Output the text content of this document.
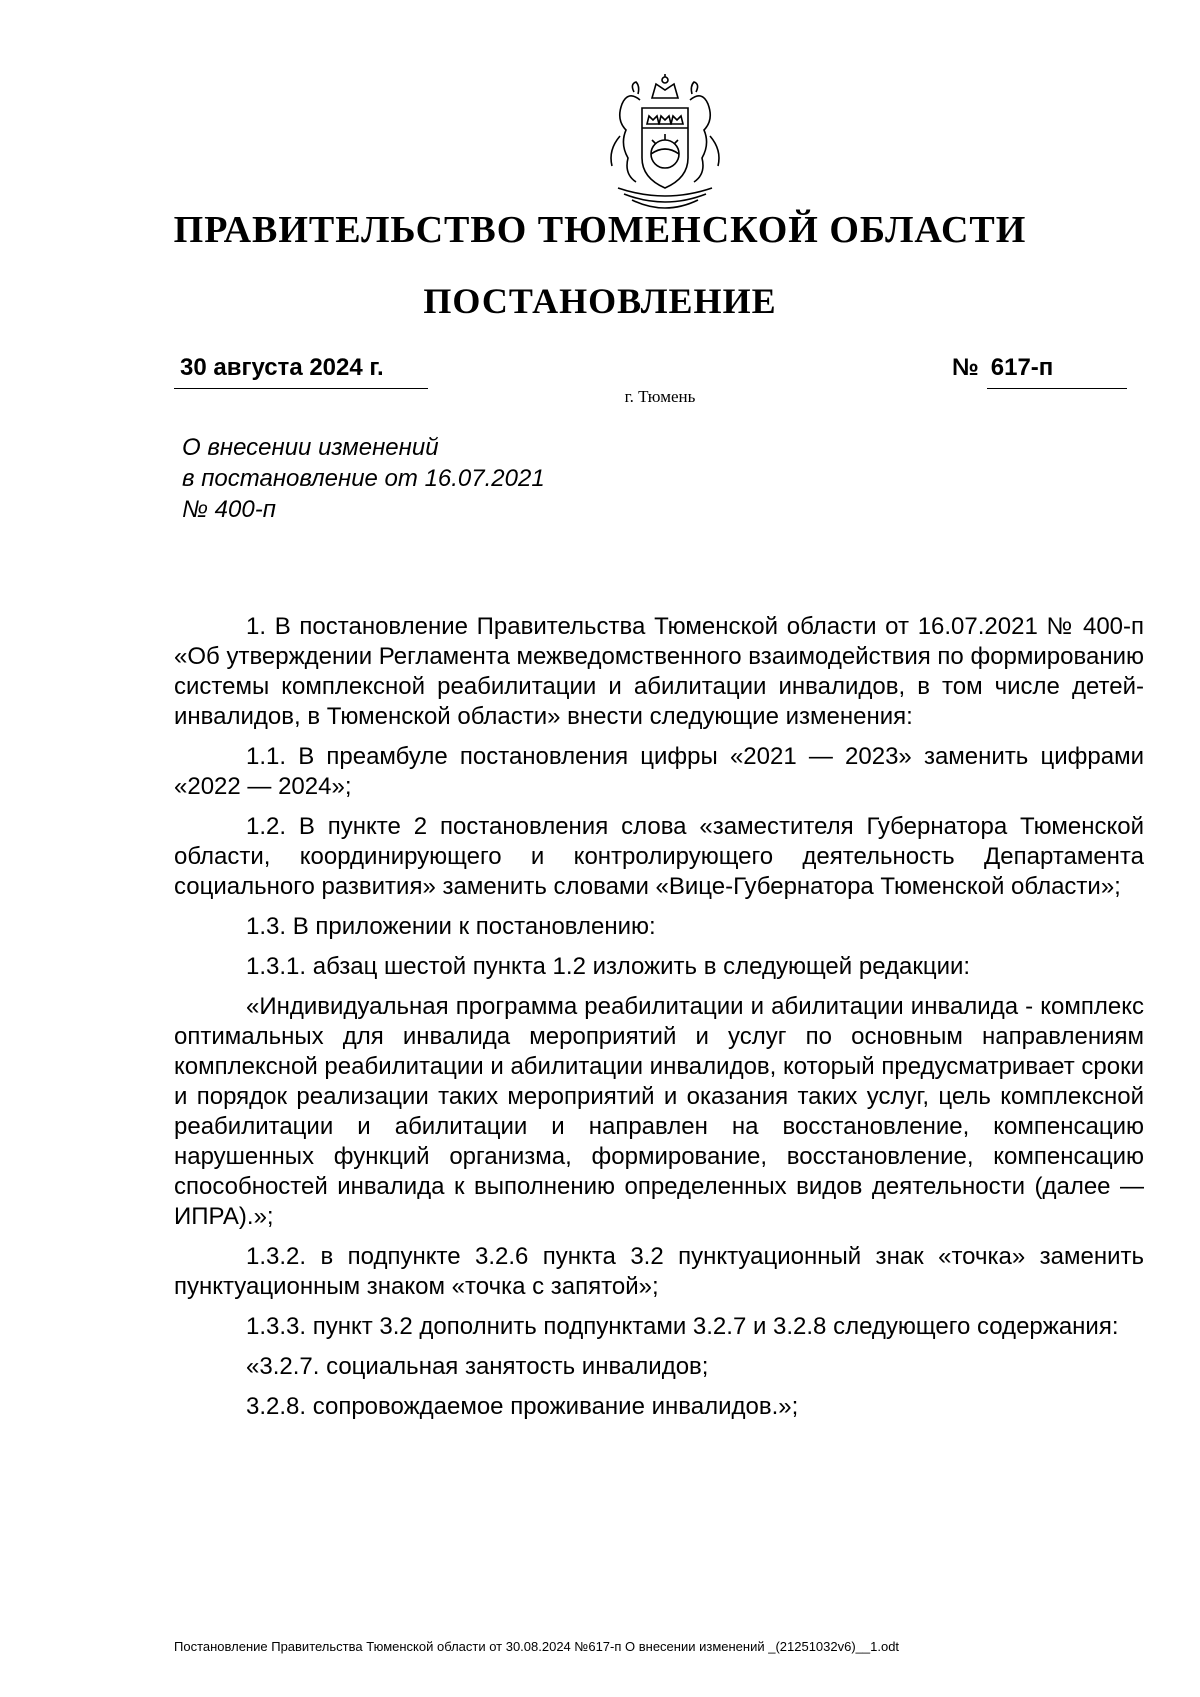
ПРАВИТЕЛЬСТВО ТЮМЕНСКОЙ ОБЛАСТИ
ПОСТАНОВЛЕНИЕ
30 августа 2024 г.	№ 617-п
г. Тюмень
О внесении изменений
в постановление от 16.07.2021
№ 400-п

1. В постановление Правительства Тюменской области от 16.07.2021 № 400-п «Об утверждении Регламента межведомственного взаимодействия по формированию системы комплексной реабилитации и абилитации инвалидов, в том числе детей-инвалидов, в Тюменской области» внести следующие изменения:

1.1. В преамбуле постановления цифры «2021 — 2023» заменить цифрами «2022 — 2024»;

1.2. В пункте 2 постановления слова «заместителя Губернатора Тюменской области, координирующего и контролирующего деятельность Департамента социального развития» заменить словами «Вице-Губернатора Тюменской области»;

1.3. В приложении к постановлению:

1.3.1. абзац шестой пункта 1.2 изложить в следующей редакции:

«Индивидуальная программа реабилитации и абилитации инвалида - комплекс оптимальных для инвалида мероприятий и услуг по основным направлениям комплексной реабилитации и абилитации инвалидов, который предусматривает сроки и порядок реализации таких мероприятий и оказания таких услуг, цель комплексной реабилитации и абилитации и направлен на восстановление, компенсацию нарушенных функций организма, формирование, восстановление, компенсацию способностей инвалида к выполнению определенных видов деятельности (далее — ИПРА).»;

1.3.2. в подпункте 3.2.6 пункта 3.2 пунктуационный знак «точка» заменить пунктуационным знаком «точка с запятой»;

1.3.3. пункт 3.2 дополнить подпунктами 3.2.7 и 3.2.8 следующего содержания:

«3.2.7. социальная занятость инвалидов;

3.2.8. сопровождаемое проживание инвалидов.»;

Постановление Правительства Тюменской области от 30.08.2024 №617-п О внесении изменений _(21251032v6)__1.odt
